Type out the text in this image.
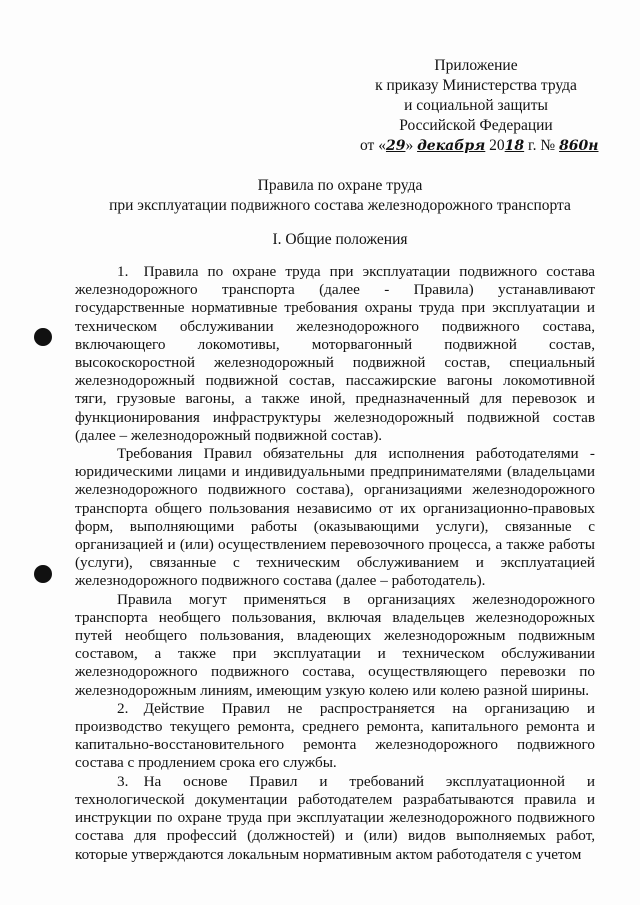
Приложение
к приказу Министерства труда
и социальной защиты
Российской Федерации
от «29» декабря 2018 г. № 860н
Правила по охране труда
при эксплуатации подвижного состава железнодорожного транспорта
I. Общие положения

1. Правила по охране труда при эксплуатации подвижного состава железнодорожного транспорта (далее - Правила) устанавливают государственные нормативные требования охраны труда при эксплуатации и техническом обслуживании железнодорожного подвижного состава, включающего локомотивы, моторвагонный подвижной состав, высокоскоростной железнодорожный подвижной состав, специальный железнодорожный подвижной состав, пассажирские вагоны локомотивной тяги, грузовые вагоны, а также иной, предназначенный для перевозок и функционирования инфраструктуры железнодорожный подвижной состав (далее – железнодорожный подвижной состав).

Требования Правил обязательны для исполнения работодателями - юридическими лицами и индивидуальными предпринимателями (владельцами железнодорожного подвижного состава), организациями железнодорожного транспорта общего пользования независимо от их организационно-правовых форм, выполняющими работы (оказывающими услуги), связанные с организацией и (или) осуществлением перевозочного процесса, а также работы (услуги), связанные с техническим обслуживанием и эксплуатацией железнодорожного подвижного состава (далее – работодатель).

Правила могут применяться в организациях железнодорожного транспорта необщего пользования, включая владельцев железнодорожных путей необщего пользования, владеющих железнодорожным подвижным составом, а также при эксплуатации и техническом обслуживании железнодорожного подвижного состава, осуществляющего перевозки по железнодорожным линиям, имеющим узкую колею или колею разной ширины.

2. Действие Правил не распространяется на организацию и производство текущего ремонта, среднего ремонта, капитального ремонта и капитально-восстановительного ремонта железнодорожного подвижного состава с продлением срока его службы.

3. На основе Правил и требований эксплуатационной и технологической документации работодателем разрабатываются правила и инструкции по охране труда при эксплуатации железнодорожного подвижного состава для профессий (должностей) и (или) видов выполняемых работ, которые утверждаются локальным нормативным актом работодателя с учетом
